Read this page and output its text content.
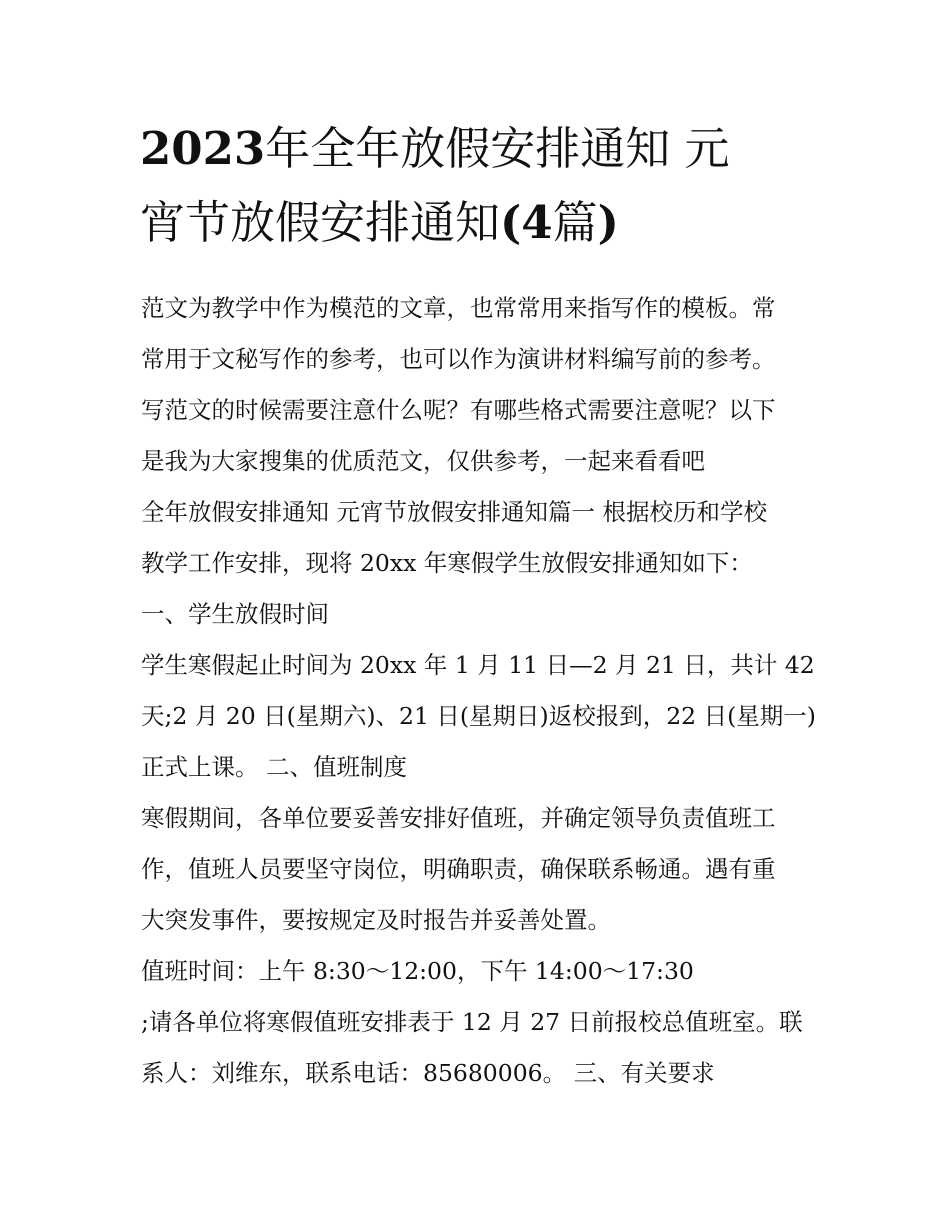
2023年全年放假安排通知 元
宵节放假安排通知(4篇)

范文为教学中作为模范的文章，也常常用来指写作的模板。常

常用于文秘写作的参考，也可以作为演讲材料编写前的参考。

写范文的时候需要注意什么呢？有哪些格式需要注意呢？以下

是我为大家搜集的优质范文，仅供参考，一起来看看吧

全年放假安排通知 元宵节放假安排通知篇一 根据校历和学校

教学工作安排，现将 20xx 年寒假学生放假安排通知如下：

一、学生放假时间

学生寒假起止时间为 20xx 年 1 月 11 日—2 月 21 日，共计 42

天;2 月 20 日(星期六)、21 日(星期日)返校报到，22 日(星期一)

正式上课。 二、值班制度

寒假期间，各单位要妥善安排好值班，并确定领导负责值班工

作，值班人员要坚守岗位，明确职责，确保联系畅通。遇有重

大突发事件，要按规定及时报告并妥善处置。

值班时间：上午 8:30～12:00，下午 14:00～17:30

;请各单位将寒假值班安排表于 12 月 27 日前报校总值班室。联

系人：刘维东，联系电话：85680006。 三、有关要求
